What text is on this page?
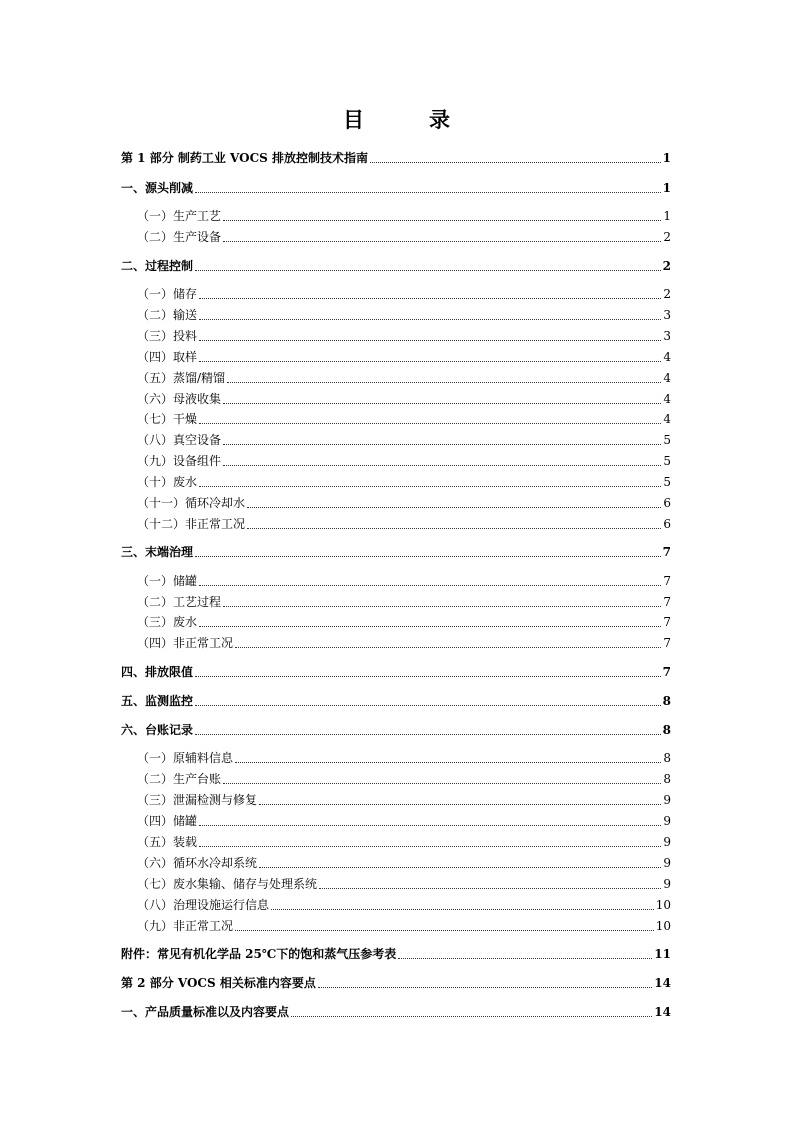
目　录
第 1 部分 制药工业 VOCS 排放控制技术指南	1
一、源头削减	1
（一）生产工艺	1
（二）生产设备	2
二、过程控制	2
（一）储存	2
（二）输送	3
（三）投料	3
（四）取样	4
（五）蒸馏/精馏	4
（六）母液收集	4
（七）干燥	4
（八）真空设备	5
（九）设备组件	5
（十）废水	5
（十一）循环冷却水	6
（十二）非正常工况	6
三、末端治理	7
（一）储罐	7
（二）工艺过程	7
（三）废水	7
（四）非正常工况	7
四、排放限值	7
五、监测监控	8
六、台账记录	8
（一）原辅料信息	8
（二）生产台账	8
（三）泄漏检测与修复	9
（四）储罐	9
（五）装载	9
（六）循环水冷却系统	9
（七）废水集输、储存与处理系统	9
（八）治理设施运行信息	10
（九）非正常工况	10
附件：常见有机化学品 25℃下的饱和蒸气压参考表	11
第 2 部分 VOCS 相关标准内容要点	14
一、产品质量标准以及内容要点	14
